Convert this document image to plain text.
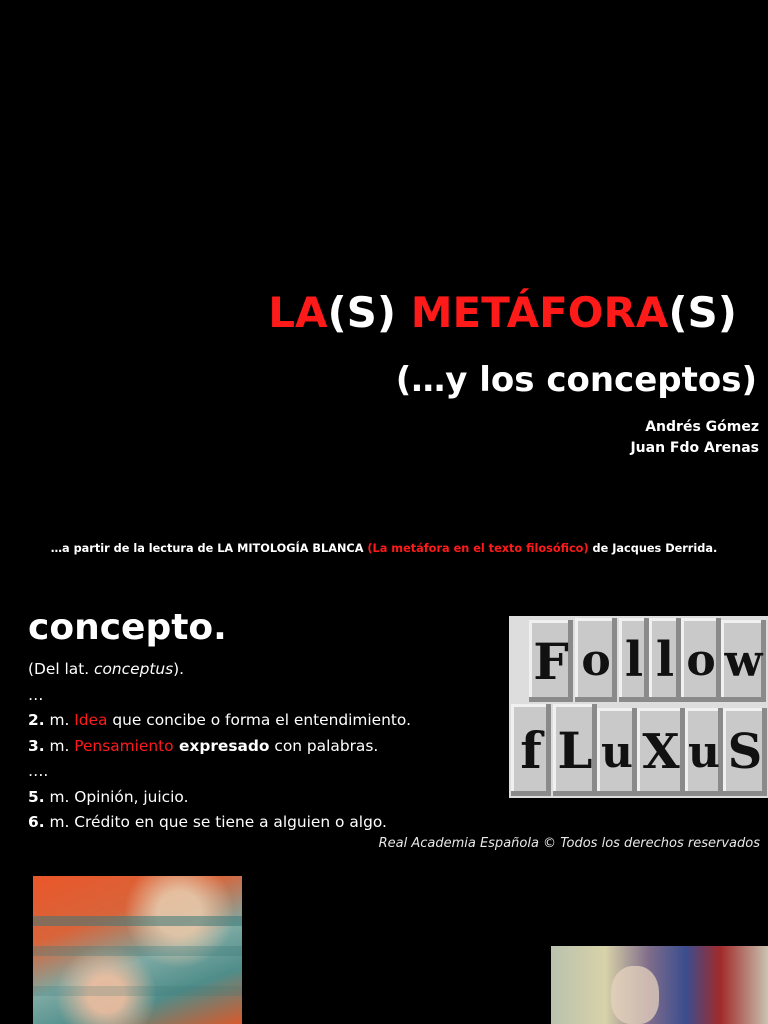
LA(S) METÁFORA(S)
(…y los conceptos)
Andrés Gómez
Juan Fdo Arenas
…a partir de la lectura de LA MITOLOGÍA BLANCA (La metáfora en el texto filosófico) de Jacques Derrida.
concepto.
(Del lat. conceptus).
…
2. m. Idea que concibe o forma el entendimiento.
3. m. Pensamiento expresado con palabras.
….
5. m. Opinión, juicio.
6. m. Crédito en que se tiene a alguien o algo.
Real Academia Española © Todos los derechos reservados
F o l l o w
f L u X u S
